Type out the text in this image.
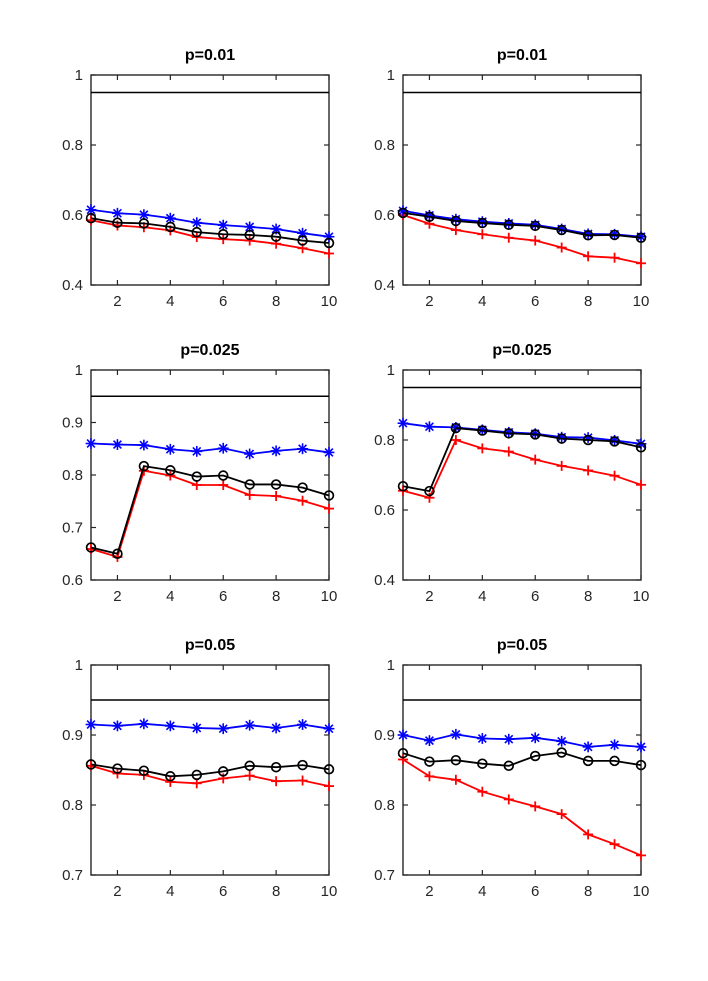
p=0.01
2	4	6	8	10
0.4
0.6
0.8
1
p=0.01
2	4	6	8	10
0.4
0.6
0.8
1
p=0.025
2	4	6	8	10
0.6
0.7
0.8
0.9
1
p=0.025
2	4	6	8	10
0.4
0.6
0.8
1
p=0.05
2	4	6	8	10
0.7
0.8
0.9
1
p=0.05
2	4	6	8	10
0.7
0.8
0.9
1
